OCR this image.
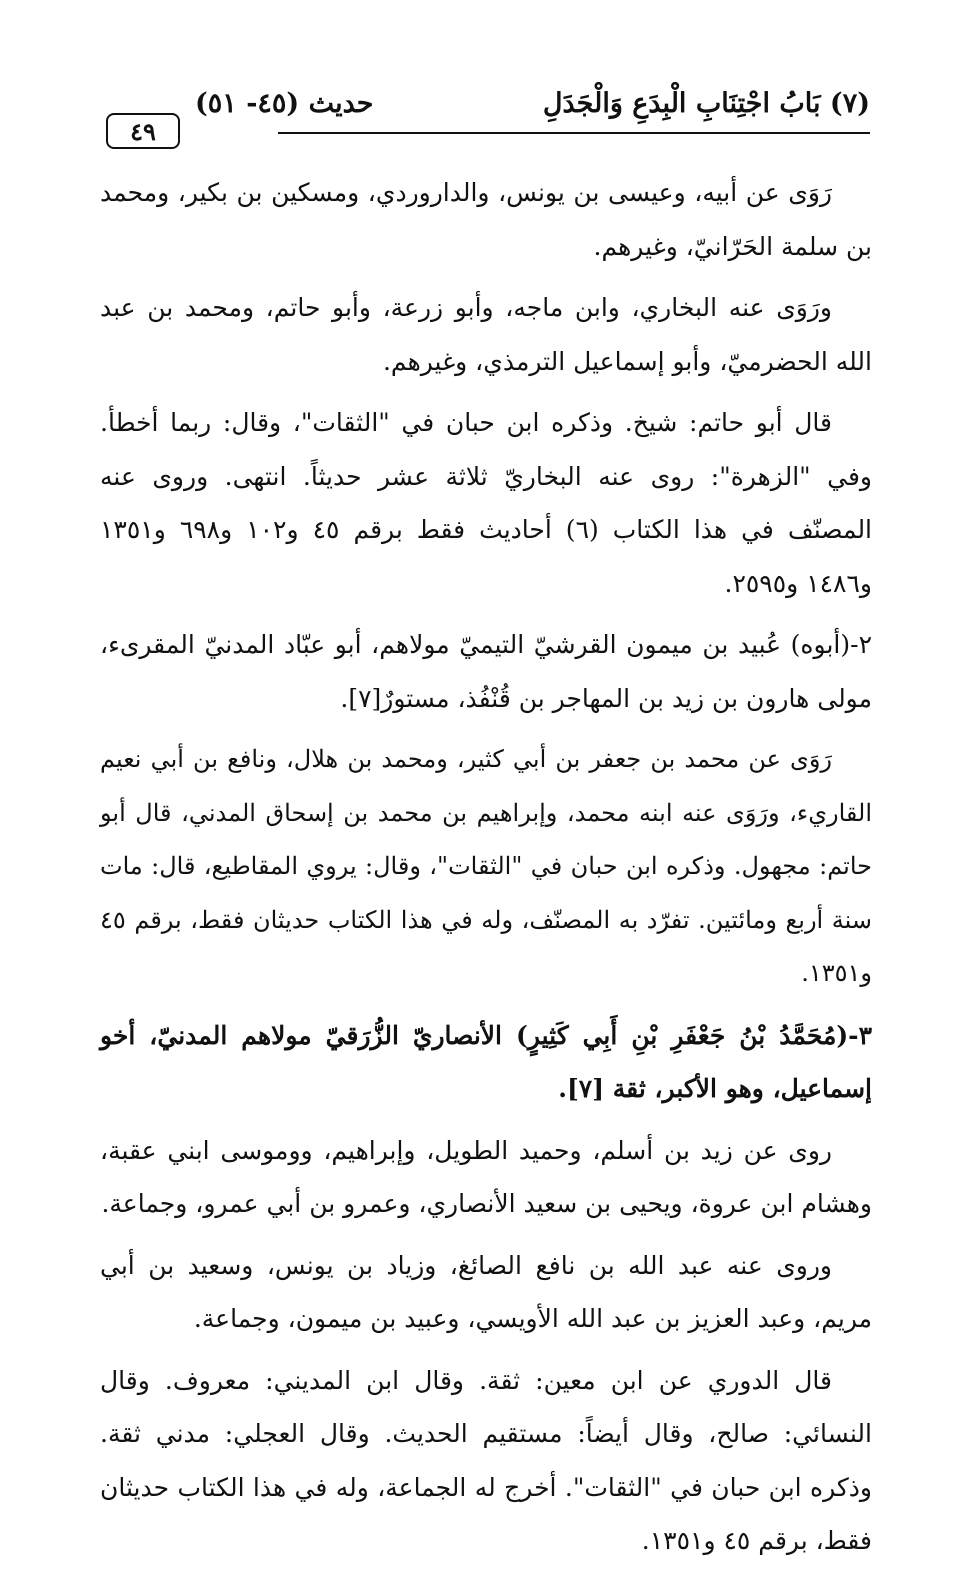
(٧) بَابُ اجْتِنَابِ الْبِدَعِ وَالْجَدَلِ
حديث (٤٥- ٥١)
٤٩

رَوَى عن أبيه، وعيسى بن يونس، والداروردي، ومسكين بن بكير، ومحمد بن سلمة الحَرّانيّ، وغيرهم.

ورَوَى عنه البخاري، وابن ماجه، وأبو زرعة، وأبو حاتم، ومحمد بن عبد الله الحضرميّ، وأبو إسماعيل الترمذي، وغيرهم.

قال أبو حاتم: شيخ. وذكره ابن حبان في "الثقات"، وقال: ربما أخطأ. وفي "الزهرة": روى عنه البخاريّ ثلاثة عشر حديثاً. انتهى. وروى عنه المصنّف في هذا الكتاب (٦) أحاديث فقط برقم ٤٥ و١٠٢ و٦٩٨ و١٣٥١ و١٤٨٦ و٢٥٩٥.

٢-(أبوه) عُبيد بن ميمون القرشيّ التيميّ مولاهم، أبو عبّاد المدنيّ المقرىء، مولى هارون بن زيد بن المهاجر بن قُنْفُذ، مستورٌ[٧].

رَوَى عن محمد بن جعفر بن أبي كثير، ومحمد بن هلال، ونافع بن أبي نعيم القاريء، ورَوَى عنه ابنه محمد، وإبراهيم بن محمد بن إسحاق المدني، قال أبو حاتم: مجهول. وذكره ابن حبان في "الثقات"، وقال: يروي المقاطيع، قال: مات سنة أربع ومائتين. تفرّد به المصنّف، وله في هذا الكتاب حديثان فقط، برقم ٤٥ و١٣٥١.

٣-(مُحَمَّدُ بْنُ جَعْفَرِ بْنِ أَبِي كَثِيرٍ) الأنصاريّ الزُّرَقيّ مولاهم المدنيّ، أخو إسماعيل، وهو الأكبر، ثقة [٧].

روى عن زيد بن أسلم، وحميد الطويل، وإبراهيم، ووموسى ابني عقبة، وهشام ابن عروة، ويحيى بن سعيد الأنصاري، وعمرو بن أبي عمرو، وجماعة.

وروى عنه عبد الله بن نافع الصائغ، وزياد بن يونس، وسعيد بن أبي مريم، وعبد العزيز بن عبد الله الأويسي، وعبيد بن ميمون، وجماعة.

قال الدوري عن ابن معين: ثقة. وقال ابن المديني: معروف. وقال النسائي: صالح، وقال أيضاً: مستقيم الحديث. وقال العجلي: مدني ثقة. وذكره ابن حبان في "الثقات". أخرج له الجماعة، وله في هذا الكتاب حديثان فقط، برقم ٤٥ و١٣٥١.
